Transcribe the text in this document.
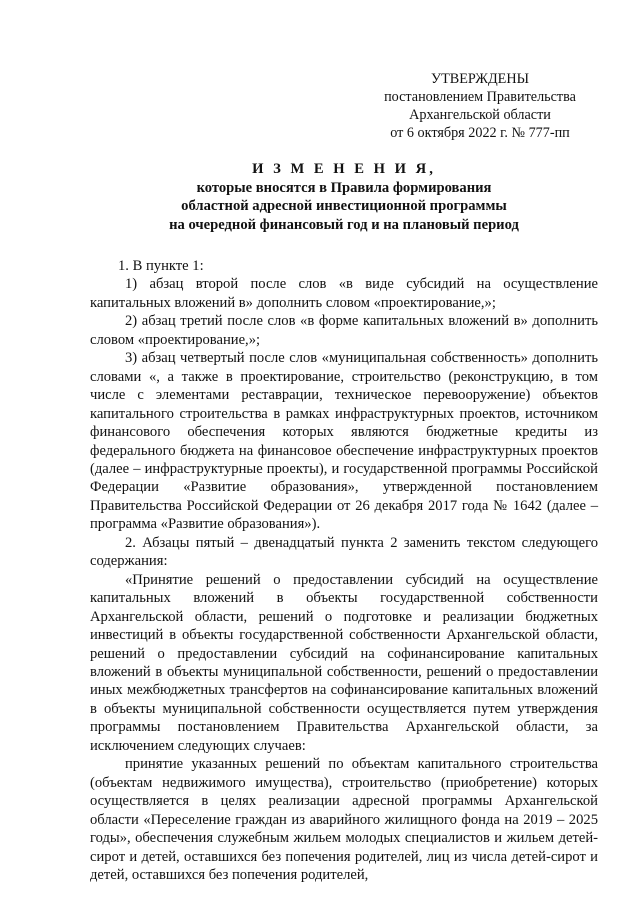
УТВЕРЖДЕНЫ
постановлением Правительства
Архангельской области
от 6 октября 2022 г. № 777-пп
И З М Е Н Е Н И Я,
которые вносятся в Правила формирования
областной адресной инвестиционной программы
на очередной финансовый год и на плановый период

1. В пункте 1:

1) абзац второй после слов «в виде субсидий на осуществление капитальных вложений в» дополнить словом «проектирование,»;

2) абзац третий после слов «в форме капитальных вложений в» дополнить словом «проектирование,»;

3) абзац четвертый после слов «муниципальная собственность» дополнить словами «, а также в проектирование, строительство (реконструкцию, в том числе с элементами реставрации, техническое перевооружение) объектов капитального строительства в рамках инфраструктурных проектов, источником финансового обеспечения которых являются бюджетные кредиты из федерального бюджета на финансовое обеспечение инфраструктурных проектов (далее – инфраструктурные проекты), и государственной программы Российской Федерации «Развитие образования», утвержденной постановлением Правительства Российской Федерации от 26 декабря 2017 года № 1642 (далее – программа «Развитие образования»).

2. Абзацы пятый – двенадцатый пункта 2 заменить текстом следующего содержания:

«Принятие решений о предоставлении субсидий на осуществление капитальных вложений в объекты государственной собственности Архангельской области, решений о подготовке и реализации бюджетных инвестиций в объекты государственной собственности Архангельской области, решений о предоставлении субсидий на софинансирование капитальных вложений в объекты муниципальной собственности, решений о предоставлении иных межбюджетных трансфертов на софинансирование капитальных вложений в объекты муниципальной собственности осуществляется путем утверждения программы постановлением Правительства Архангельской области, за исключением следующих случаев:

принятие указанных решений по объектам капитального строительства (объектам недвижимого имущества), строительство (приобретение) которых осуществляется в целях реализации адресной программы Архангельской области «Переселение граждан из аварийного жилищного фонда на 2019 – 2025 годы», обеспечения служебным жильем молодых специалистов и жильем детей-сирот и детей, оставшихся без попечения родителей, лиц из числа детей-сирот и детей, оставшихся без попечения родителей,
